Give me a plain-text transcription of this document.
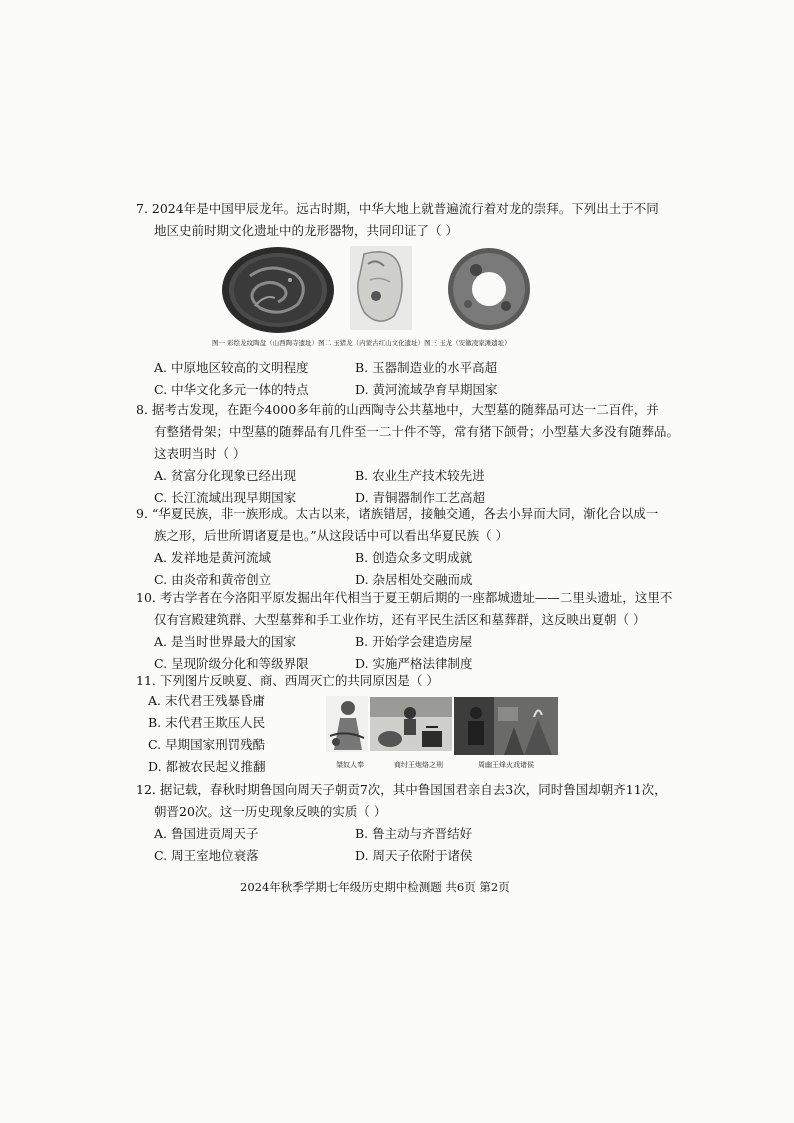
7. 2024年是中国甲辰龙年。远古时期，中华大地上就普遍流行着对龙的崇拜。下列出土于不同
地区史前时期文化遗址中的龙形器物，共同印证了（ ）
图一 彩绘龙纹陶盘（山西陶寺遗址）图二 玉猪龙（内蒙古红山文化遗址）图三 玉龙（安徽凌家滩遗址）
A. 中原地区较高的文明程度	B. 玉器制造业的水平高超
C. 中华文化多元一体的特点	D. 黄河流域孕育早期国家
8. 据考古发现，在距今4000多年前的山西陶寺公共墓地中，大型墓的随葬品可达一二百件，并
有整猪骨架；中型墓的随葬品有几件至一二十件不等，常有猪下颌骨；小型墓大多没有随葬品。
这表明当时（ ）
A. 贫富分化现象已经出现	B. 农业生产技术较先进
C. 长江流域出现早期国家	D. 青铜器制作工艺高超
9. “华夏民族，非一族形成。太古以来，诸族错居，接触交通，各去小异而大同，渐化合以成一
族之形，后世所谓诸夏是也。”从这段话中可以看出华夏民族（ ）
A. 发祥地是黄河流域	B. 创造众多文明成就
C. 由炎帝和黄帝创立	D. 杂居相处交融而成
10. 考古学者在今洛阳平原发掘出年代相当于夏王朝后期的一座都城遗址——二里头遗址，这里不
仅有宫殿建筑群、大型墓葬和手工业作坊，还有平民生活区和墓葬群，这反映出夏朝（ ）
A. 是当时世界最大的国家	B. 开始学会建造房屋
C. 呈现阶级分化和等级界限	D. 实施严格法律制度
11. 下列图片反映夏、商、西周灭亡的共同原因是（ ）
A. 末代君王残暴昏庸
B. 末代君王欺压人民
C. 早期国家刑罚残酷
D. 都被农民起义推翻	桀奴人奉	商纣王炮烙之刑	周幽王烽火戏诸侯
12. 据记载，春秋时期鲁国向周天子朝贡7次，其中鲁国国君亲自去3次，同时鲁国却朝齐11次，
朝晋20次。这一历史现象反映的实质（ ）
A. 鲁国进贡周天子	B. 鲁主动与齐晋结好
C. 周王室地位衰落	D. 周天子依附于诸侯
2024年秋季学期七年级历史期中检测题 共6页 第2页
